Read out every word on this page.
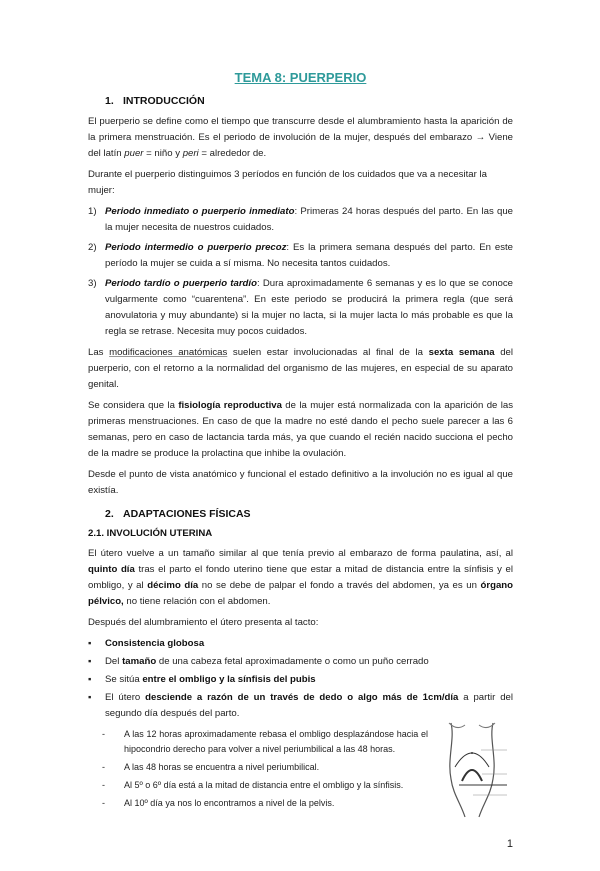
TEMA 8: PUERPERIO
1. INTRODUCCIÓN
El puerperio se define como el tiempo que transcurre desde el alumbramiento hasta la aparición de la primera menstruación. Es el periodo de involución de la mujer, después del embarazo → Viene del latín puer = niño y peri = alrededor de.
Durante el puerperio distinguimos 3 períodos en función de los cuidados que va a necesitar la mujer:
1) Periodo inmediato o puerperio inmediato: Primeras 24 horas después del parto. En las que la mujer necesita de nuestros cuidados.
2) Periodo intermedio o puerperio precoz: Es la primera semana después del parto. En este período la mujer se cuida a sí misma. No necesita tantos cuidados.
3) Periodo tardío o puerperio tardío: Dura aproximadamente 6 semanas y es lo que se conoce vulgarmente como “cuarentena”. En este periodo se producirá la primera regla (que será anovulatoria y muy abundante) si la mujer no lacta, si la mujer lacta lo más probable es que la regla se retrase. Necesita muy pocos cuidados.
Las modificaciones anatómicas suelen estar involucionadas al final de la sexta semana del puerperio, con el retorno a la normalidad del organismo de las mujeres, en especial de su aparato genital.
Se considera que la fisiología reproductiva de la mujer está normalizada con la aparición de las primeras menstruaciones. En caso de que la madre no esté dando el pecho suele parecer a las 6 semanas, pero en caso de lactancia tarda más, ya que cuando el recién nacido succiona el pecho de la madre se produce la prolactina que inhibe la ovulación.
Desde el punto de vista anatómico y funcional el estado definitivo a la involución no es igual al que existía.
2. ADAPTACIONES FÍSICAS
2.1. INVOLUCIÓN UTERINA
El útero vuelve a un tamaño similar al que tenía previo al embarazo de forma paulatina, así, al quinto día tras el parto el fondo uterino tiene que estar a mitad de distancia entre la sínfisis y el ombligo, y al décimo día no se debe de palpar el fondo a través del abdomen, ya es un órgano pélvico, no tiene relación con el abdomen.
Después del alumbramiento el útero presenta al tacto:
▪ Consistencia globosa
▪ Del tamaño de una cabeza fetal aproximadamente o como un puño cerrado
▪ Se sitúa entre el ombligo y la sínfisis del pubis
▪ El útero desciende a razón de un través de dedo o algo más de 1cm/día a partir del segundo día después del parto.
- A las 12 horas aproximadamente rebasa el ombligo desplazándose hacia el hipocondrio derecho para volver a nivel periumbilical a las 48 horas.
- A las 48 horas se encuentra a nivel periumbilical.
- Al 5º o 6º día está a la mitad de distancia entre el ombligo y la sínfisis.
- Al 10º día ya nos lo encontramos a nivel de la pelvis.
1
